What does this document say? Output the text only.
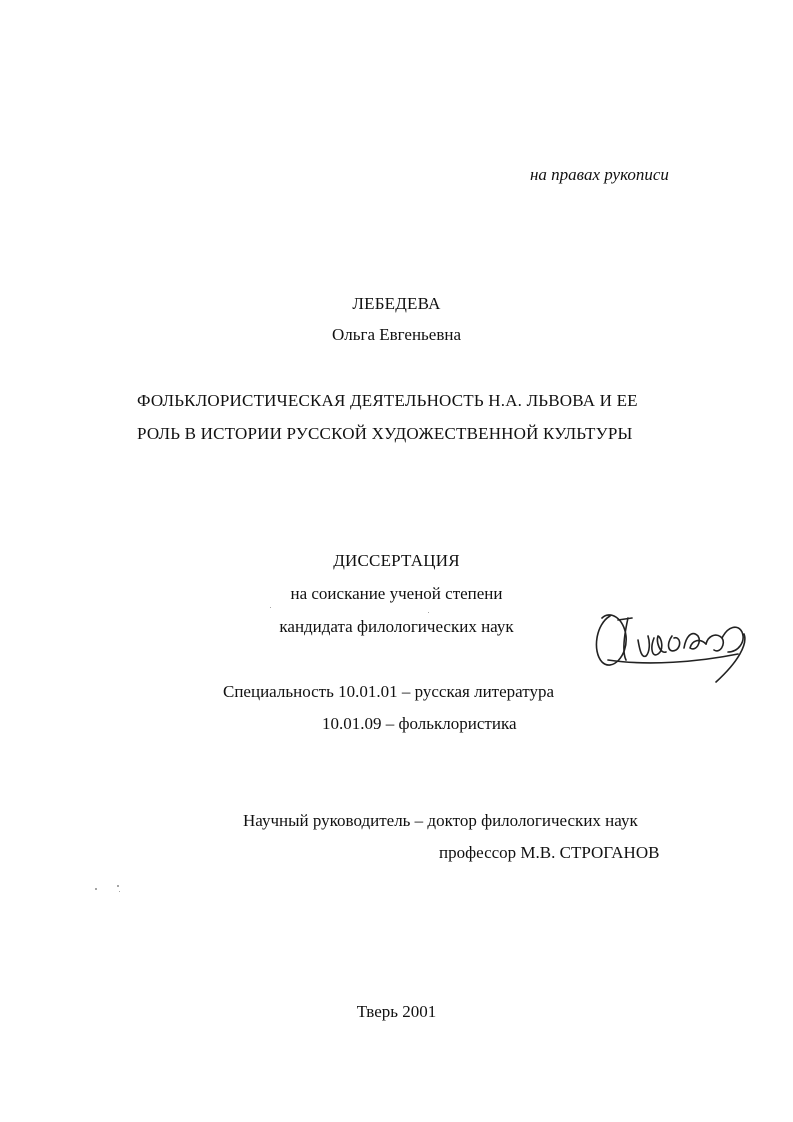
на правах рукописи
ЛЕБЕДЕВА
Ольга Евгеньевна
ФОЛЬКЛОРИСТИЧЕСКАЯ ДЕЯТЕЛЬНОСТЬ Н.А. ЛЬВОВА И ЕЕ
РОЛЬ В ИСТОРИИ РУССКОЙ ХУДОЖЕСТВЕННОЙ КУЛЬТУРЫ
ДИССЕРТАЦИЯ
на соискание ученой степени
кандидата филологических наук
Специальность 10.01.01 – русская литература
10.01.09 – фольклористика
Научный руководитель – доктор филологических наук
профессор М.В. СТРОГАНОВ
Тверь 2001
